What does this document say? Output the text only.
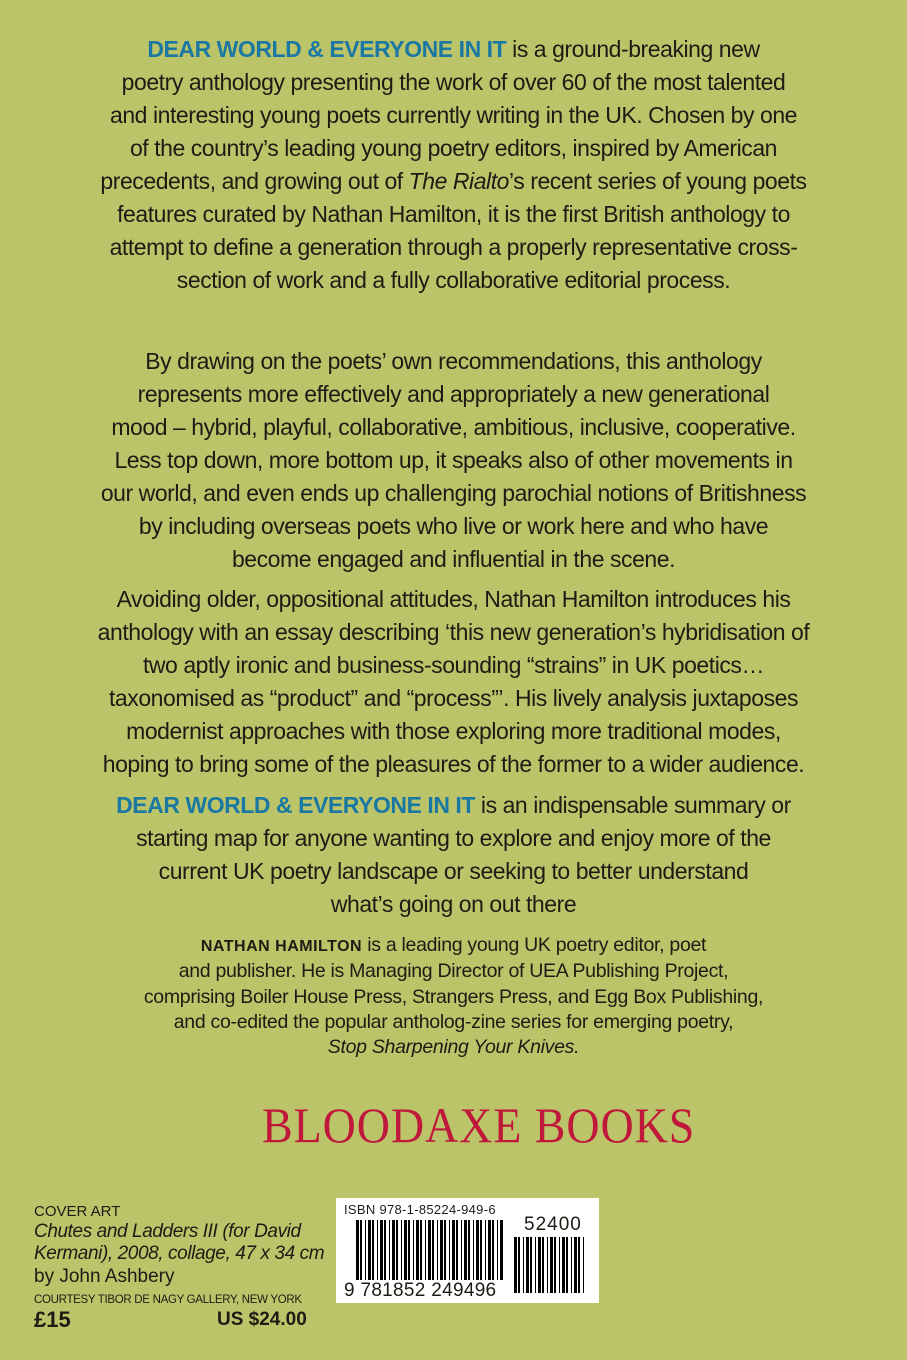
DEAR WORLD & EVERYONE IN IT is a ground-breaking new
poetry anthology presenting the work of over 60 of the most talented
and interesting young poets currently writing in the UK. Chosen by one
of the country’s leading young poetry editors, inspired by American
precedents, and growing out of The Rialto’s recent series of young poets
features curated by Nathan Hamilton, it is the first British anthology to
attempt to define a generation through a properly representative cross-
section of work and a fully collaborative editorial process.
By drawing on the poets’ own recommendations, this anthology
represents more effectively and appropriately a new generational
mood – hybrid, playful, collaborative, ambitious, inclusive, cooperative.
Less top down, more bottom up, it speaks also of other movements in
our world, and even ends up challenging parochial notions of Britishness
by including overseas poets who live or work here and who have
become engaged and influential in the scene.
Avoiding older, oppositional attitudes, Nathan Hamilton introduces his
anthology with an essay describing ‘this new generation’s hybridisation of
two aptly ironic and business-sounding “strains” in UK poetics…
taxonomised as “product” and “process”’. His lively analysis juxtaposes
modernist approaches with those exploring more traditional modes,
hoping to bring some of the pleasures of the former to a wider audience.
DEAR WORLD & EVERYONE IN IT is an indispensable summary or
starting map for anyone wanting to explore and enjoy more of the
current UK poetry landscape or seeking to better understand
what’s going on out there
NATHAN HAMILTON is a leading young UK poetry editor, poet
and publisher. He is Managing Director of UEA Publishing Project,
comprising Boiler House Press, Strangers Press, and Egg Box Publishing,
and co-edited the popular antholog-zine series for emerging poetry,
Stop Sharpening Your Knives.
BLOODAXE BOOKS
COVER ART
Chutes and Ladders III (for David
Kermani), 2008, collage, 47 x 34 cm
by John Ashbery
COURTESY TIBOR DE NAGY GALLERY, NEW YORK
£15	US $24.00
ISBN 978-1-85224-949-6
52400
9 781852 249496
